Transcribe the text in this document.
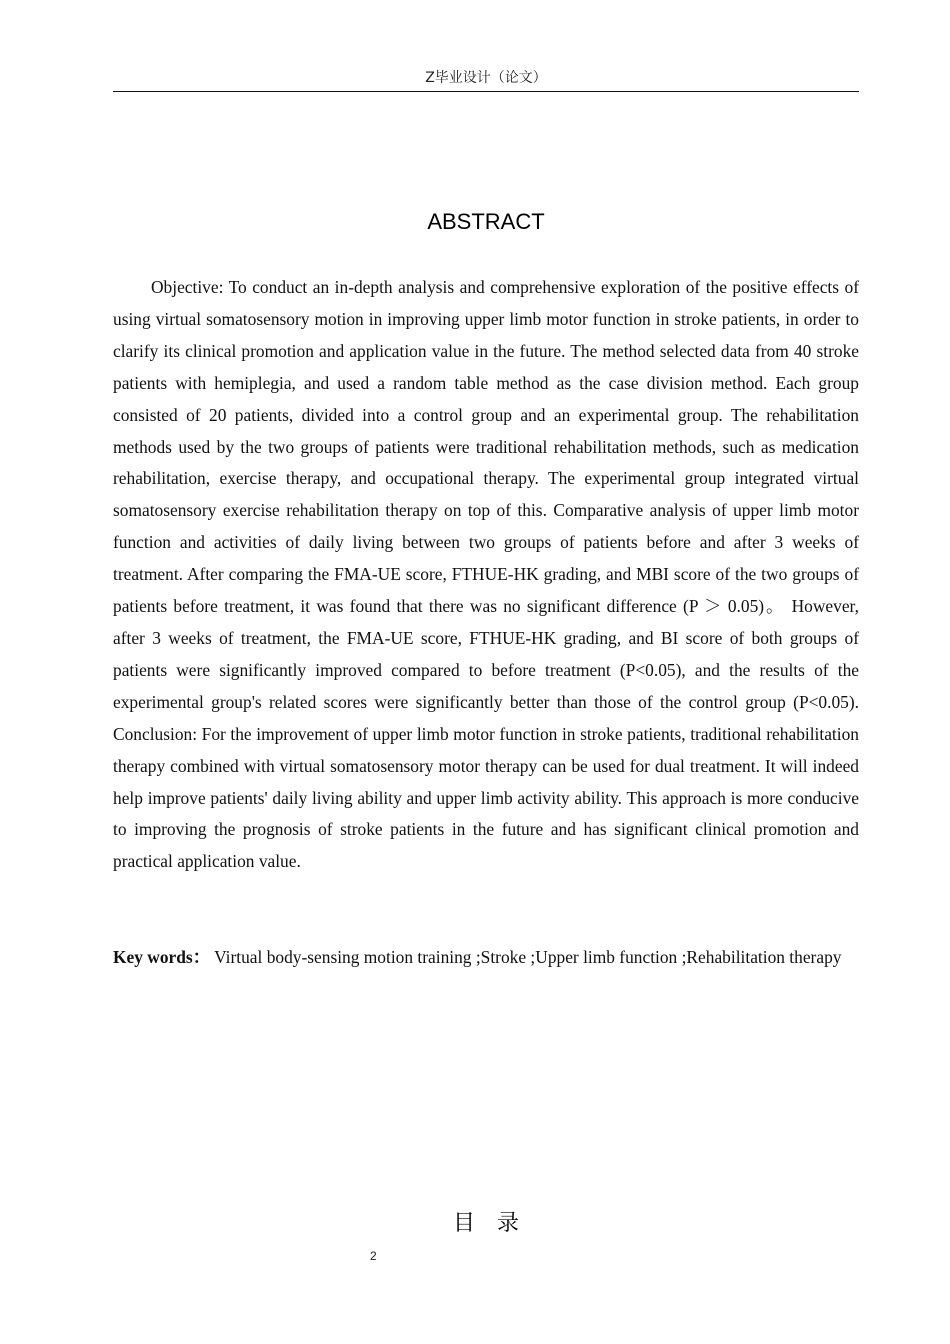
Z毕业设计（论文）
ABSTRACT

Objective: To conduct an in-depth analysis and comprehensive exploration of the positive effects of using virtual somatosensory motion in improving upper limb motor function in stroke patients, in order to clarify its clinical promotion and application value in the future. The method selected data from 40 stroke patients with hemiplegia, and used a random table method as the case division method. Each group consisted of 20 patients, divided into a control group and an experimental group. The rehabilitation methods used by the two groups of patients were traditional rehabilitation methods, such as medication rehabilitation, exercise therapy, and occupational therapy. The experimental group integrated virtual somatosensory exercise rehabilitation therapy on top of this. Comparative analysis of upper limb motor function and activities of daily living between two groups of patients before and after 3 weeks of treatment. After comparing the FMA-UE score, FTHUE-HK grading, and MBI score of the two groups of patients before treatment, it was found that there was no significant difference (P ＞ 0.05)。 However, after 3 weeks of treatment, the FMA-UE score, FTHUE-HK grading, and BI score of both groups of patients were significantly improved compared to before treatment (P<0.05), and the results of the experimental group's related scores were significantly better than those of the control group (P<0.05). Conclusion: For the improvement of upper limb motor function in stroke patients, traditional rehabilitation therapy combined with virtual somatosensory motor therapy can be used for dual treatment. It will indeed help improve patients' daily living ability and upper limb activity ability. This approach is more conducive to improving the prognosis of stroke patients in the future and has significant clinical promotion and practical application value.

Key words： Virtual body-sensing motion training ;Stroke ;Upper limb function ;Rehabilitation therapy

目录
2
